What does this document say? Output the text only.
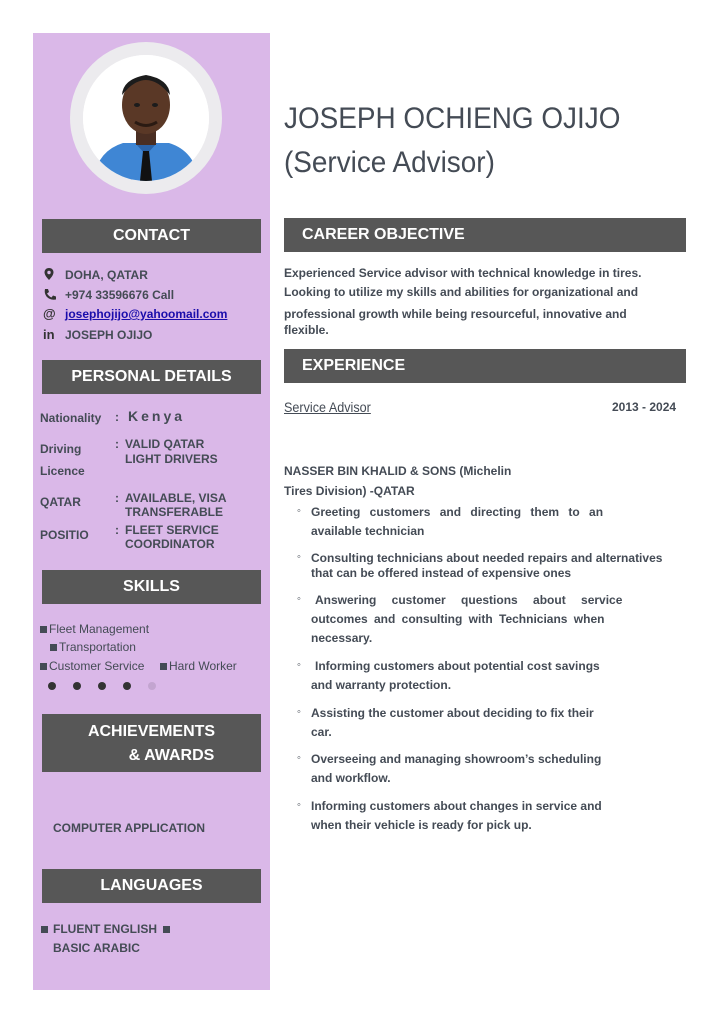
JOSEPH OCHIENG OJIJO
(Service Advisor)
CONTACT
DOHA, QATAR
+974 33596676 Call
@ josephojijo@yahoomail.com
in JOSEPH OJIJO
PERSONAL DETAILS
Nationality : Kenya
Driving
Licence
: VALID QATAR
LIGHT DRIVERS
QATAR	: AVAILABLE, VISA
TRANSFERABLE
POSITIO : FLEET SERVICE
COORDINATOR
SKILLS
Fleet Management
Transportation
Customer Service	Hard Worker
ACHIEVEMENTS
& AWARDS
COMPUTER APPLICATION
LANGUAGES
FLUENT ENGLISH
BASIC ARABIC
CAREER OBJECTIVE
Experienced Service advisor with technical knowledge in tires.
Looking to utilize my skills and abilities for organizational and
professional growth while being resourceful, innovative and
flexible.
EXPERIENCE
Service Advisor	2013 - 2024
NASSER BIN KHALID & SONS (Michelin
Tires Division) -QATAR
◦ Greeting customers and directing them to an
available technician
◦ Consulting technicians about needed repairs and alternatives
that can be offered instead of expensive ones
◦	Answering customer questions about service
outcomes and consulting with Technicians when
necessary.
◦	Informing customers about potential cost savings
and warranty protection.
◦ Assisting the customer about deciding to fix their
car.
◦ Overseeing and managing showroom’s scheduling
and workflow.
◦ Informing customers about changes in service and
when their vehicle is ready for pick up.
